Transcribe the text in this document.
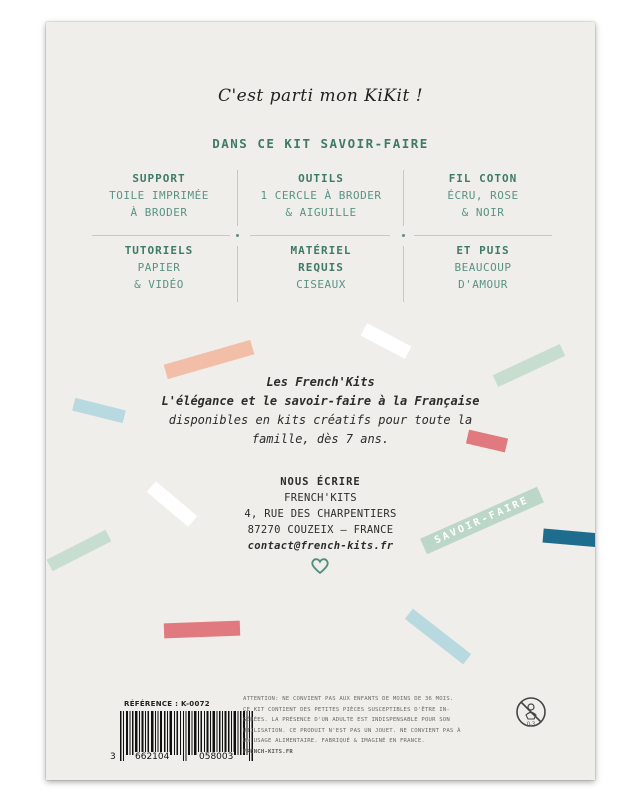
C'est parti mon KiKit !
DANS CE KIT SAVOIR-FAIRE
SUPPORT
TOILE IMPRIMÉE
À BRODER
OUTILS
1 CERCLE À BRODER
& AIGUILLE
FIL COTON
ÉCRU, ROSE
& NOIR
TUTORIELS
PAPIER
& VIDÉO
MATÉRIEL
REQUIS
CISEAUX
ET PUIS
BEAUCOUP
D'AMOUR
Les French'Kits
L'élégance et le savoir-faire à la Française
disponibles en kits créatifs pour toute la
famille, dès 7 ans.
NOUS ÉCRIRE
FRENCH'KITS
4, RUE DES CHARPENTIERS
87270 COUZEIX – FRANCE
contact@french-kits.fr	SAVOIR-FAIRE
RÉFÉRENCE : K-0072
3 662104	058003
ATTENTION: NE CONVIENT PAS AUX ENFANTS DE MOINS DE 36 MOIS.
CE KIT CONTIENT DES PETITES PIÈCES SUSCEPTIBLES D'ÊTRE IN-
GÉRÉES. LA PRÉSENCE D'UN ADULTE EST INDISPENSABLE POUR SON
UTILISATION. CE PRODUIT N'EST PAS UN JOUET. NE CONVIENT PAS À
UN USAGE ALIMENTAIRE. FABRIQUÉ & IMAGINÉ EN FRANCE.
FRENCH-KITS.FR
0-3
